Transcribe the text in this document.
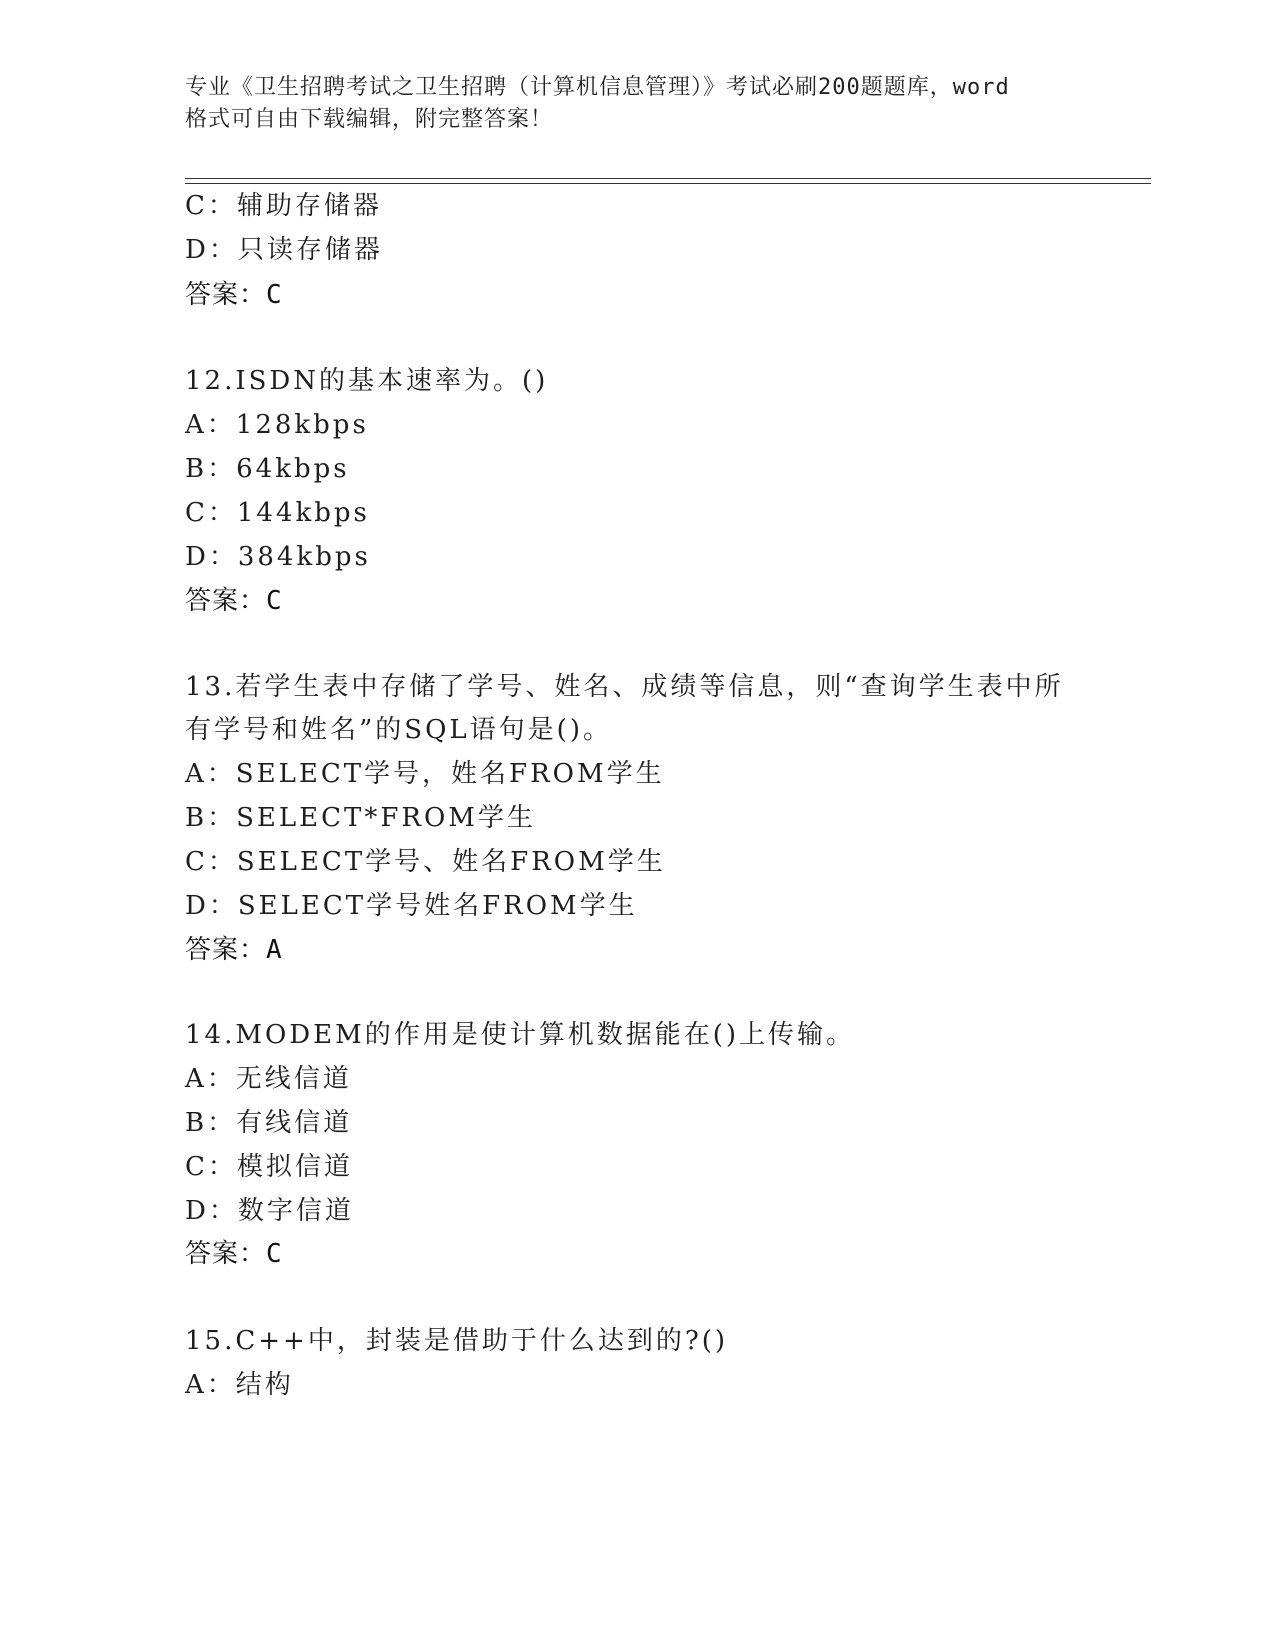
专业《卫生招聘考试之卫生招聘（计算机信息管理）》考试必刷200题题库，word
格式可自由下载编辑，附完整答案！
C：辅助存储器
D：只读存储器
答案：C
12.ISDN的基本速率为。()
A：128kbps
B：64kbps
C：144kbps
D：384kbps
答案：C
13.若学生表中存储了学号、姓名、成绩等信息，则“查询学生表中所
有学号和姓名”的SQL语句是()。
A：SELECT学号，姓名FROM学生
B：SELECT*FROM学生
C：SELECT学号、姓名FROM学生
D：SELECT学号姓名FROM学生
答案：A
14.MODEM的作用是使计算机数据能在()上传输。
A：无线信道
B：有线信道
C：模拟信道
D：数字信道
答案：C
15.C++中，封装是借助于什么达到的?()
A：结构
